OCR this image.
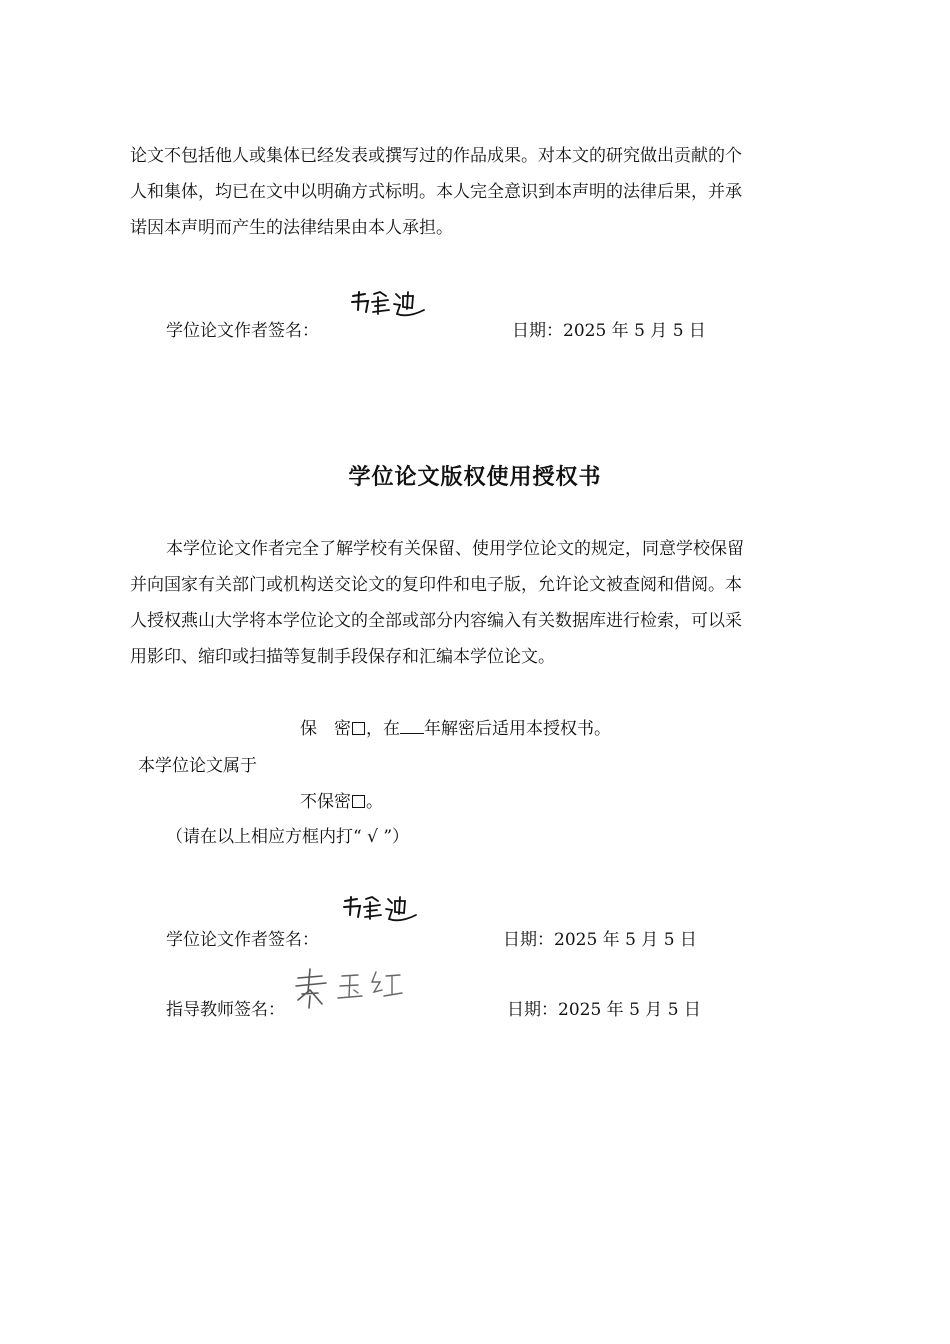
论文不包括他人或集体已经发表或撰写过的作品成果。对本文的研究做出贡献的个
人和集体，均已在文中以明确方式标明。本人完全意识到本声明的法律后果，并承
诺因本声明而产生的法律结果由本人承担。
学位论文作者签名：	日期：2025 年 5 月 5 日
学位论文版权使用授权书
本学位论文作者完全了解学校有关保留、使用学位论文的规定，同意学校保留
并向国家有关部门或机构送交论文的复印件和电子版，允许论文被查阅和借阅。本
人授权燕山大学将本学位论文的全部或部分内容编入有关数据库进行检索，可以采
用影印、缩印或扫描等复制手段保存和汇编本学位论文。
保　密 ，在 年解密后适用本授权书。
本学位论文属于
不保密 。
（请在以上相应方框内打“ √ ”）
学位论文作者签名：	日期：2025 年 5 月 5 日
指导教师签名：	日期：2025 年 5 月 5 日
